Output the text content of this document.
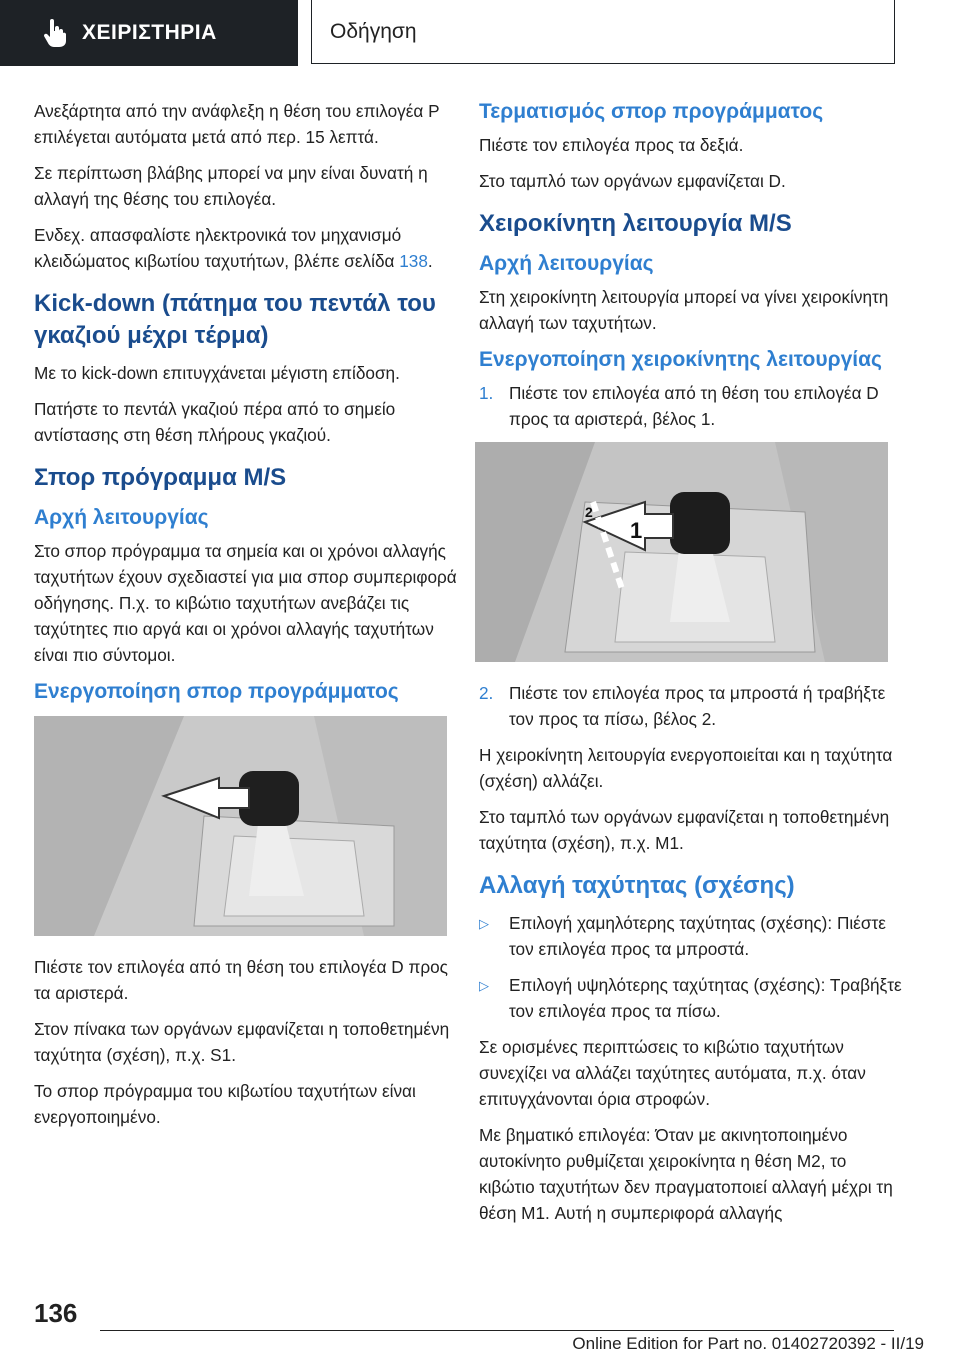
ΧΕΙΡΙΣΤΗΡΙΑ	Οδήγηση

Ανεξάρτητα από την ανάφλεξη η θέση του επιλογέα P επιλέγεται αυτόματα μετά από περ. 15 λεπτά.

Σε περίπτωση βλάβης μπορεί να μην είναι δυνατή η αλλαγή της θέσης του επιλογέα.

Ενδεχ. απασφαλίστε ηλεκτρονικά τον μηχανισμό κλειδώματος κιβωτίου ταχυτήτων, βλέπε σελίδα 138.

Kick-down (πάτημα του πεντάλ του γκαζιού μέχρι τέρμα)

Με το kick-down επιτυγχάνεται μέγιστη επίδοση.

Πατήστε το πεντάλ γκαζιού πέρα από το σημείο αντίστασης στη θέση πλήρους γκαζιού.

Σπορ πρόγραμμα M/S
Αρχή λειτουργίας

Στο σπορ πρόγραμμα τα σημεία και οι χρόνοι αλλαγής ταχυτήτων έχουν σχεδιαστεί για μια σπορ συμπεριφορά οδήγησης. Π.χ. το κιβώτιο ταχυτήτων ανεβάζει τις ταχύτητες πιο αργά και οι χρόνοι αλλαγής ταχυτήτων είναι πιο σύντομοι.

Ενεργοποίηση σπορ προγράμματος

Πιέστε τον επιλογέα από τη θέση του επιλογέα D προς τα αριστερά.

Στον πίνακα των οργάνων εμφανίζεται η τοποθετημένη ταχύτητα (σχέση), π.χ. S1.

Το σπορ πρόγραμμα του κιβωτίου ταχυτήτων είναι ενεργοποιημένο.

Τερματισμός σπορ προγράμματος

Πιέστε τον επιλογέα προς τα δεξιά.

Στο ταμπλό των οργάνων εμφανίζεται D.

Χειροκίνητη λειτουργία M/S
Αρχή λειτουργίας

Στη χειροκίνητη λειτουργία μπορεί να γίνει χειροκίνητη αλλαγή των ταχυτήτων.

Ενεργοποίηση χειροκίνητης λειτουργίας
1. Πιέστε τον επιλογέα από τη θέση του επιλογέα D προς τα αριστερά, βέλος 1.
1
2
2. Πιέστε τον επιλογέα προς τα μπροστά ή τραβήξτε τον προς τα πίσω, βέλος 2.

Η χειροκίνητη λειτουργία ενεργοποιείται και η ταχύτητα (σχέση) αλλάζει.

Στο ταμπλό των οργάνων εμφανίζεται η τοποθετημένη ταχύτητα (σχέση), π.χ. M1.

Αλλαγή ταχύτητας (σχέσης)
▷	Επιλογή χαμηλότερης ταχύτητας (σχέσης): Πιέστε τον επιλογέα προς τα μπροστά.
▷	Επιλογή υψηλότερης ταχύτητας (σχέσης): Τραβήξτε τον επιλογέα προς τα πίσω.

Σε ορισμένες περιπτώσεις το κιβώτιο ταχυτήτων συνεχίζει να αλλάζει ταχύτητες αυτόματα, π.χ. όταν επιτυγχάνονται όρια στροφών.

Με βηματικό επιλογέα: Όταν με ακινητοποιημένο αυτοκίνητο ρυθμίζεται χειροκίνητα η θέση M2, το κιβώτιο ταχυτήτων δεν πραγματοποιεί αλλαγή μέχρι τη θέση M1. Αυτή η συμπεριφορά αλλαγής

136
Online Edition for Part no. 01402720392 - II/19
